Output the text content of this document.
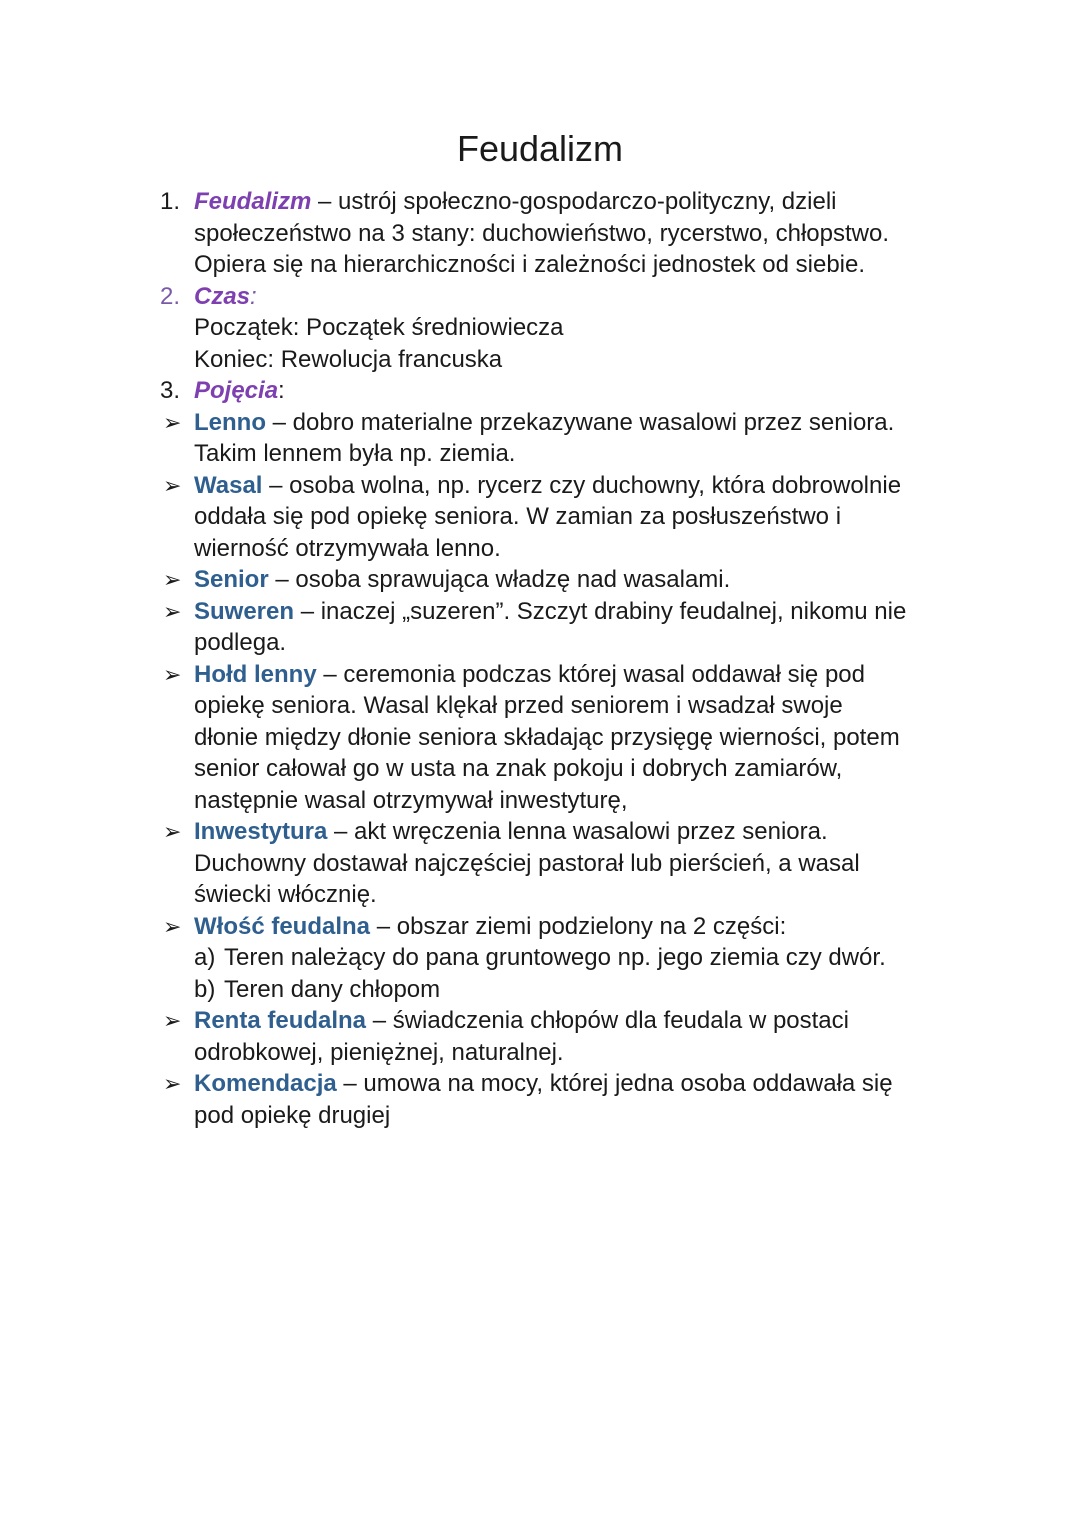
Feudalizm
1. Feudalizm – ustrój społeczno-gospodarczo-polityczny, dzieli
społeczeństwo na 3 stany: duchowieństwo, rycerstwo, chłopstwo.
Opiera się na hierarchiczności i zależności jednostek od siebie.
2. Czas:
Początek: Początek średniowiecza
Koniec: Rewolucja francuska
3. Pojęcia:
➢ Lenno – dobro materialne przekazywane wasalowi przez seniora.
Takim lennem była np. ziemia.
➢ Wasal – osoba wolna, np. rycerz czy duchowny, która dobrowolnie
oddała się pod opiekę seniora. W zamian za posłuszeństwo i
wierność otrzymywała lenno.
➢ Senior – osoba sprawująca władzę nad wasalami.
➢ Suweren – inaczej „suzeren”. Szczyt drabiny feudalnej, nikomu nie
podlega.
➢ Hołd lenny – ceremonia podczas której wasal oddawał się pod
opiekę seniora. Wasal klękał przed seniorem i wsadzał swoje
dłonie między dłonie seniora składając przysięgę wierności, potem
senior całował go w usta na znak pokoju i dobrych zamiarów,
następnie wasal otrzymywał inwestyturę,
➢ Inwestytura – akt wręczenia lenna wasalowi przez seniora.
Duchowny dostawał najczęściej pastorał lub pierścień, a wasal
świecki włócznię.
➢ Włość feudalna – obszar ziemi podzielony na 2 części:
a) Teren należący do pana gruntowego np. jego ziemia czy dwór.
b) Teren dany chłopom
➢ Renta feudalna – świadczenia chłopów dla feudala w postaci
odrobkowej, pieniężnej, naturalnej.
➢ Komendacja – umowa na mocy, której jedna osoba oddawała się
pod opiekę drugiej
